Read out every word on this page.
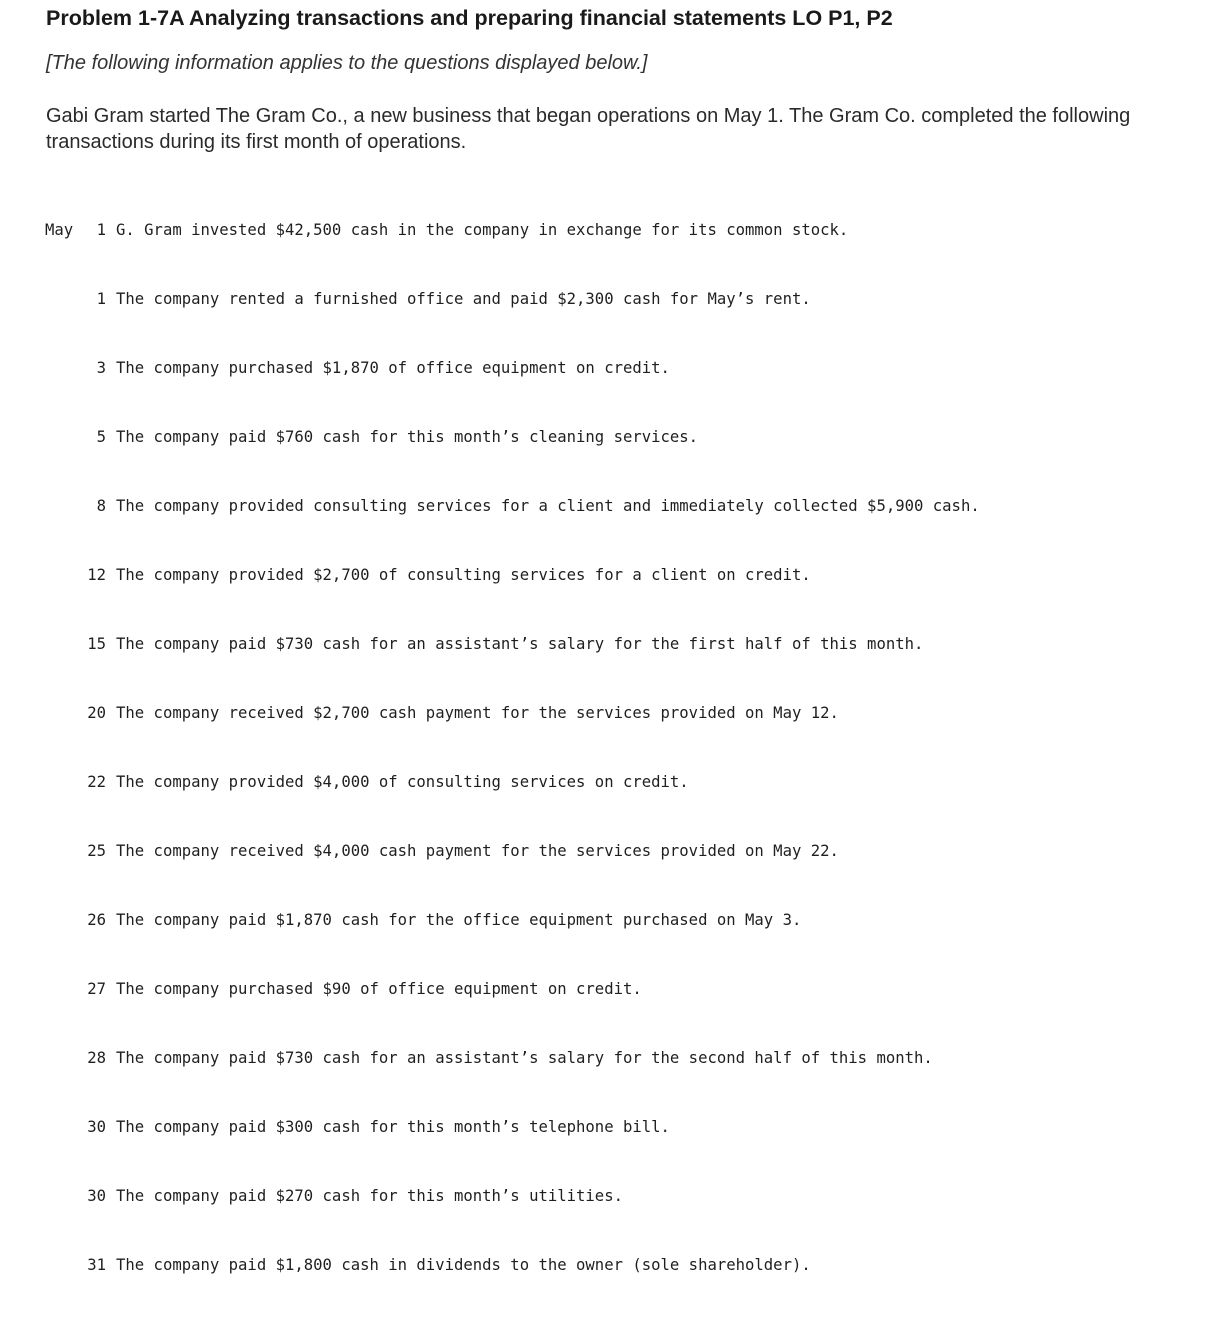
Problem 1-7A Analyzing transactions and preparing financial statements LO P1, P2
[The following information applies to the questions displayed below.]
Gabi Gram started The Gram Co., a new business that began operations on May 1. The Gram Co. completed the following transactions during its first month of operations.

May	1 G. Gram invested $42,500 cash in the company in exchange for its common stock.

1 The company rented a furnished office and paid $2,300 cash for May’s rent.

3 The company purchased $1,870 of office equipment on credit.

5 The company paid $760 cash for this month’s cleaning services.

8 The company provided consulting services for a client and immediately collected $5,900 cash.

12 The company provided $2,700 of consulting services for a client on credit.

15 The company paid $730 cash for an assistant’s salary for the first half of this month.

20 The company received $2,700 cash payment for the services provided on May 12.

22 The company provided $4,000 of consulting services on credit.

25 The company received $4,000 cash payment for the services provided on May 22.

26 The company paid $1,870 cash for the office equipment purchased on May 3.

27 The company purchased $90 of office equipment on credit.

28 The company paid $730 cash for an assistant’s salary for the second half of this month.

30 The company paid $300 cash for this month’s telephone bill.

30 The company paid $270 cash for this month’s utilities.

31 The company paid $1,800 cash in dividends to the owner (sole shareholder).
